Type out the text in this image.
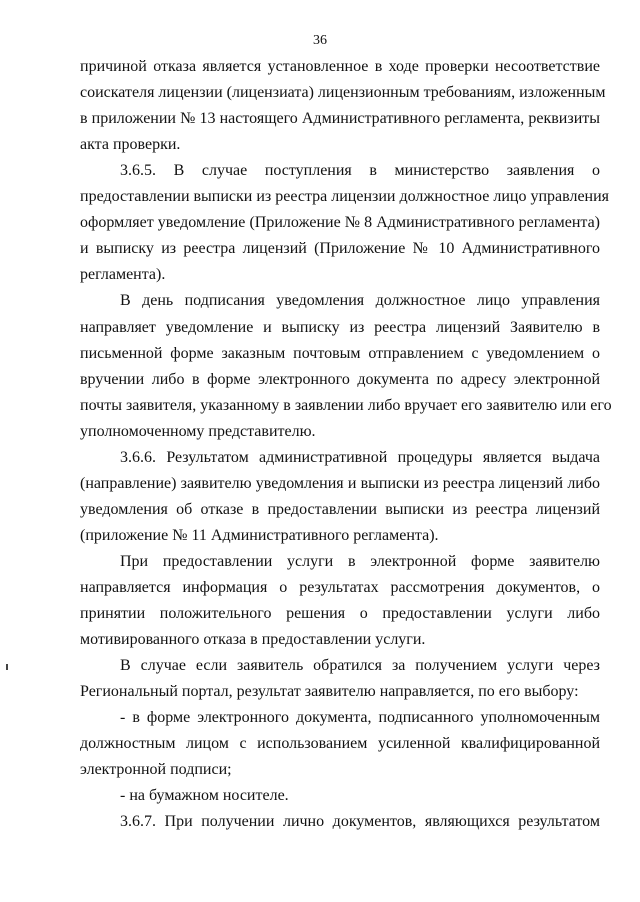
36
причиной отказа является установленное в ходе проверки несоответствие
соискателя лицензии (лицензиата) лицензионным требованиям, изложенным
в приложении № 13 настоящего Административного регламента, реквизиты
акта проверки.
3.6.5. В случае поступления в министерство заявления о
предоставлении выписки из реестра лицензии должностное лицо управления
оформляет уведомление (Приложение № 8 Административного регламента)
и выписку из реестра лицензий (Приложение № 10 Административного
регламента).
В день подписания уведомления должностное лицо управления
направляет уведомление и выписку из реестра лицензий Заявителю в
письменной форме заказным почтовым отправлением с уведомлением о
вручении либо в форме электронного документа по адресу электронной
почты заявителя, указанному в заявлении либо вручает его заявителю или его
уполномоченному представителю.
3.6.6. Результатом административной процедуры является выдача
(направление) заявителю уведомления и выписки из реестра лицензий либо
уведомления об отказе в предоставлении выписки из реестра лицензий
(приложение № 11 Административного регламента).
При предоставлении услуги в электронной форме заявителю
направляется информация о результатах рассмотрения документов, о
принятии положительного решения о предоставлении услуги либо
мотивированного отказа в предоставлении услуги.
В случае если заявитель обратился за получением услуги через
Региональный портал, результат заявителю направляется, по его выбору:
- в форме электронного документа, подписанного уполномоченным
должностным лицом с использованием усиленной квалифицированной
электронной подписи;
- на бумажном носителе.
3.6.7. При получении лично документов, являющихся результатом
